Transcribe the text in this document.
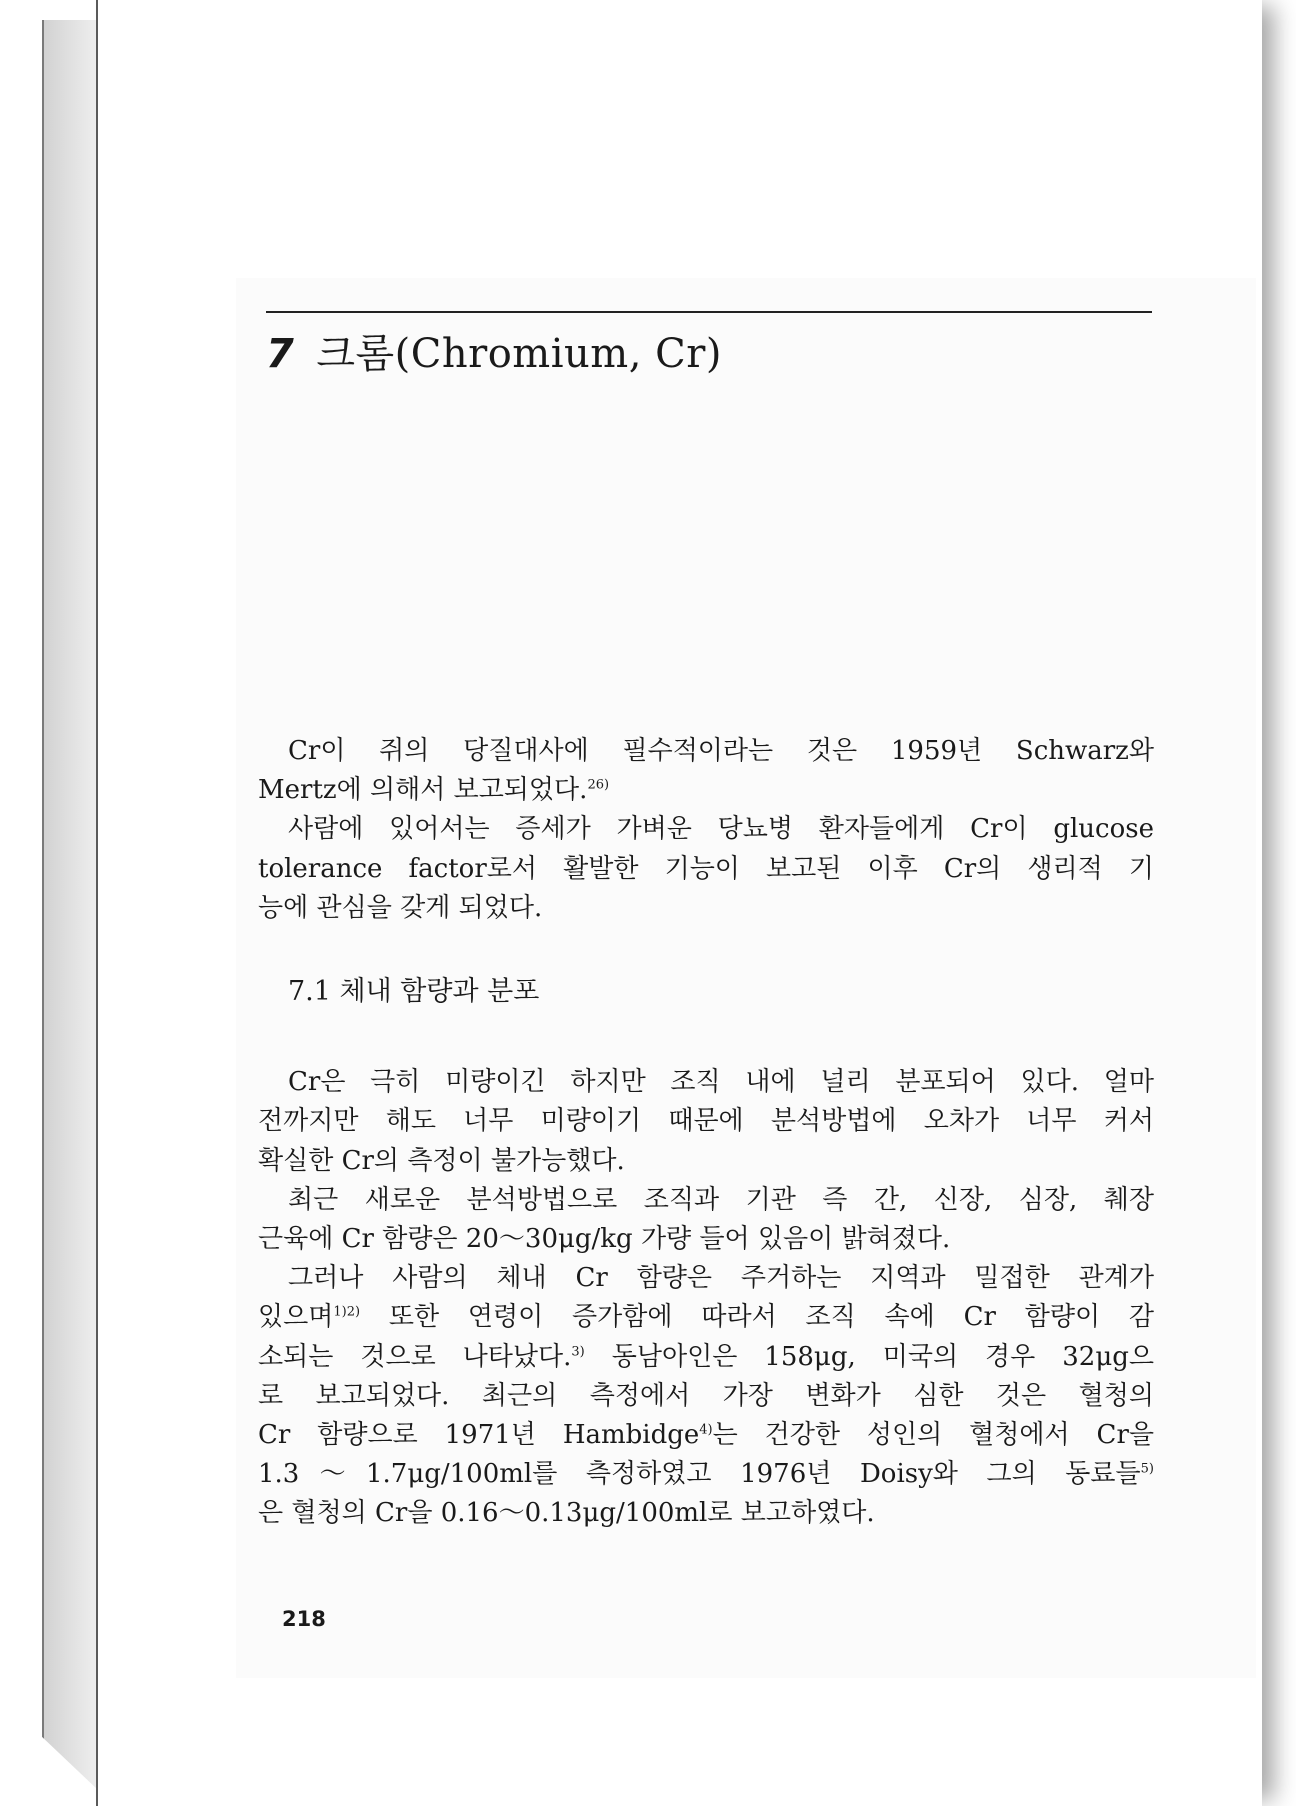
7 크롬(Chromium, Cr)

Cr이 쥐의 당질대사에 필수적이라는 것은 1959년 Schwarz와

Mertz에 의해서 보고되었다.$^{26)}$

사람에 있어서는 증세가 가벼운 당뇨병 환자들에게 Cr이 glucose

tolerance factor로서 활발한 기능이 보고된 이후 Cr의 생리적 기

능에 관심을 갖게 되었다.

7.1 체내 함량과 분포

Cr은 극히 미량이긴 하지만 조직 내에 널리 분포되어 있다. 얼마

전까지만 해도 너무 미량이기 때문에 분석방법에 오차가 너무 커서

확실한 Cr의 측정이 불가능했다.

최근 새로운 분석방법으로 조직과 기관 즉 간, 신장, 심장, 췌장

근육에 Cr 함량은 20～30μg/kg 가량 들어 있음이 밝혀졌다.

그러나 사람의 체내 Cr 함량은 주거하는 지역과 밀접한 관계가

있으며$^{1)2)}$ 또한 연령이 증가함에 따라서 조직 속에 Cr 함량이 감

소되는 것으로 나타났다.$^{3)}$ 동남아인은 158μg, 미국의 경우 32μg으

로 보고되었다. 최근의 측정에서 가장 변화가 심한 것은 혈청의

Cr 함량으로 1971년 Hambidge$^{4)}$는 건강한 성인의 혈청에서 Cr을

1.3～1.7μg/100ml를 측정하였고 1976년 Doisy와 그의 동료들$^{5)}$

은 혈청의 Cr을 0.16～0.13μg/100ml로 보고하였다.

218
